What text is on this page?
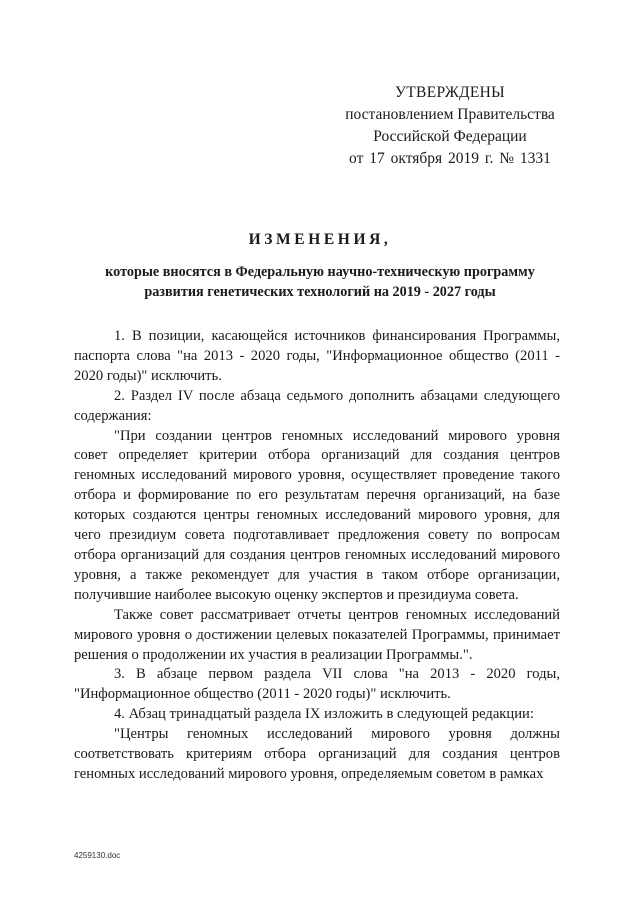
УТВЕРЖДЕНЫ
постановлением Правительства
Российской Федерации
от 17 октября 2019 г. № 1331
ИЗМЕНЕНИЯ,
которые вносятся в Федеральную научно-техническую программу
развития генетических технологий на 2019 - 2027 годы

1. В позиции, касающейся источников финансирования Программы, паспорта слова "на 2013 - 2020 годы, "Информационное общество (2011 - 2020 годы)" исключить.

2. Раздел IV после абзаца седьмого дополнить абзацами следующего содержания:

"При создании центров геномных исследований мирового уровня совет определяет критерии отбора организаций для создания центров геномных исследований мирового уровня, осуществляет проведение такого отбора и формирование по его результатам перечня организаций, на базе которых создаются центры геномных исследований мирового уровня, для чего президиум совета подготавливает предложения совету по вопросам отбора организаций для создания центров геномных исследований мирового уровня, а также рекомендует для участия в таком отборе организации, получившие наиболее высокую оценку экспертов и президиума совета.

Также совет рассматривает отчеты центров геномных исследований мирового уровня о достижении целевых показателей Программы, принимает решения о продолжении их участия в реализации Программы.".

3. В абзаце первом раздела VII слова "на 2013 - 2020 годы, "Информационное общество (2011 - 2020 годы)" исключить.

4. Абзац тринадцатый раздела IX изложить в следующей редакции:

"Центры геномных исследований мирового уровня должны соответствовать критериям отбора организаций для создания центров геномных исследований мирового уровня, определяемым советом в рамках

4259130.doc
